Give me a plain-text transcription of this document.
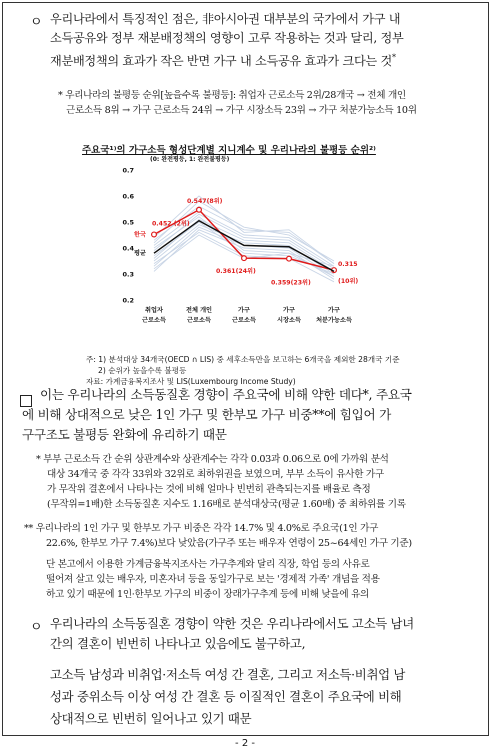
ㅇ 우리나라에서 특징적인 점은, 非아시아권 대부분의 국가에서 가구 내
소득공유와 정부 재분배정책의 영향이 고루 작용하는 것과 달리, 정부
재분배정책의 효과가 작은 반면 가구 내 소득공유 효과가 크다는 것*
* 우리나라의 불평등 순위[높을수록 불평등]: 취업자 근로소득 2위/28개국 → 전체 개인
근로소득 8위 → 가구 근로소득 24위 → 가구 시장소득 23위 → 가구 처분가능소득 10위
주요국¹⁾의 가구소득 형성단계별 지니계수 및 우리나라의 불평등 순위²⁾
(0: 완전평등, 1: 완전불평등)
0.2
0.3
0.4
0.5
0.6
0.7
0.452 (2위)
0.547(8위)
0.361(24위)
0.359(23위)
0.315
(10위)
한국
평균
취업자
근로소득
전체 개인
근로소득
가구
근로소득
가구
시장소득
가구
처분가능소득
주: 1) 분석대상 34개국(OECD ∩ LIS) 중 세후소득만을 보고하는 6개국을 제외한 28개국 기준
2) 순위가 높을수록 불평등
자료: 가계금융복지조사 및 LIS(Luxembourg Income Study)
이는 우리나라의 소득동질혼 경향이 주요국에 비해 약한 데다*, 주요국
에 비해 상대적으로 낮은 1인 가구 및 한부모 가구 비중**에 힘입어 가
구구조도 불평등 완화에 유리하기 때문
* 부부 근로소득 간 순위 상관계수와 상관계수는 각각 0.03과 0.06으로 0에 가까워 분석
대상 34개국 중 각각 33위와 32위로 최하위권을 보였으며, 부부 소득이 유사한 가구
가 무작위 결혼에서 나타나는 것에 비해 얼마나 빈번히 관측되는지를 배율로 측정
(무작위=1배)한 소득동질혼 지수도 1.16배로 분석대상국(평균 1.60배) 중 최하위를 기록
** 우리나라의 1인 가구 및 한부모 가구 비중은 각각 14.7% 및 4.0%로 주요국(1인 가구
22.6%, 한부모 가구 7.4%)보다 낮았음(가구주 또는 배우자 연령이 25~64세인 가구 기준)
단 본고에서 이용한 가계금융복지조사는 가구추계와 달리 직장, 학업 등의 사유로
떨어져 살고 있는 배우자, 미혼자녀 등을 동일가구로 보는 '경제적 가족' 개념을 적용
하고 있기 때문에 1인·한부모 가구의 비중이 장래가구추계 등에 비해 낮을에 유의
ㅇ 우리나라의 소득동질혼 경향이 약한 것은 우리나라에서도 고소득 남녀
간의 결혼이 빈번히 나타나고 있음에도 불구하고,
고소득 남성과 비취업·저소득 여성 간 결혼, 그리고 저소득·비취업 남
성과 중위소득 이상 여성 간 결혼 등 이질적인 결혼이 주요국에 비해
상대적으로 빈번히 일어나고 있기 때문
- 2 -
